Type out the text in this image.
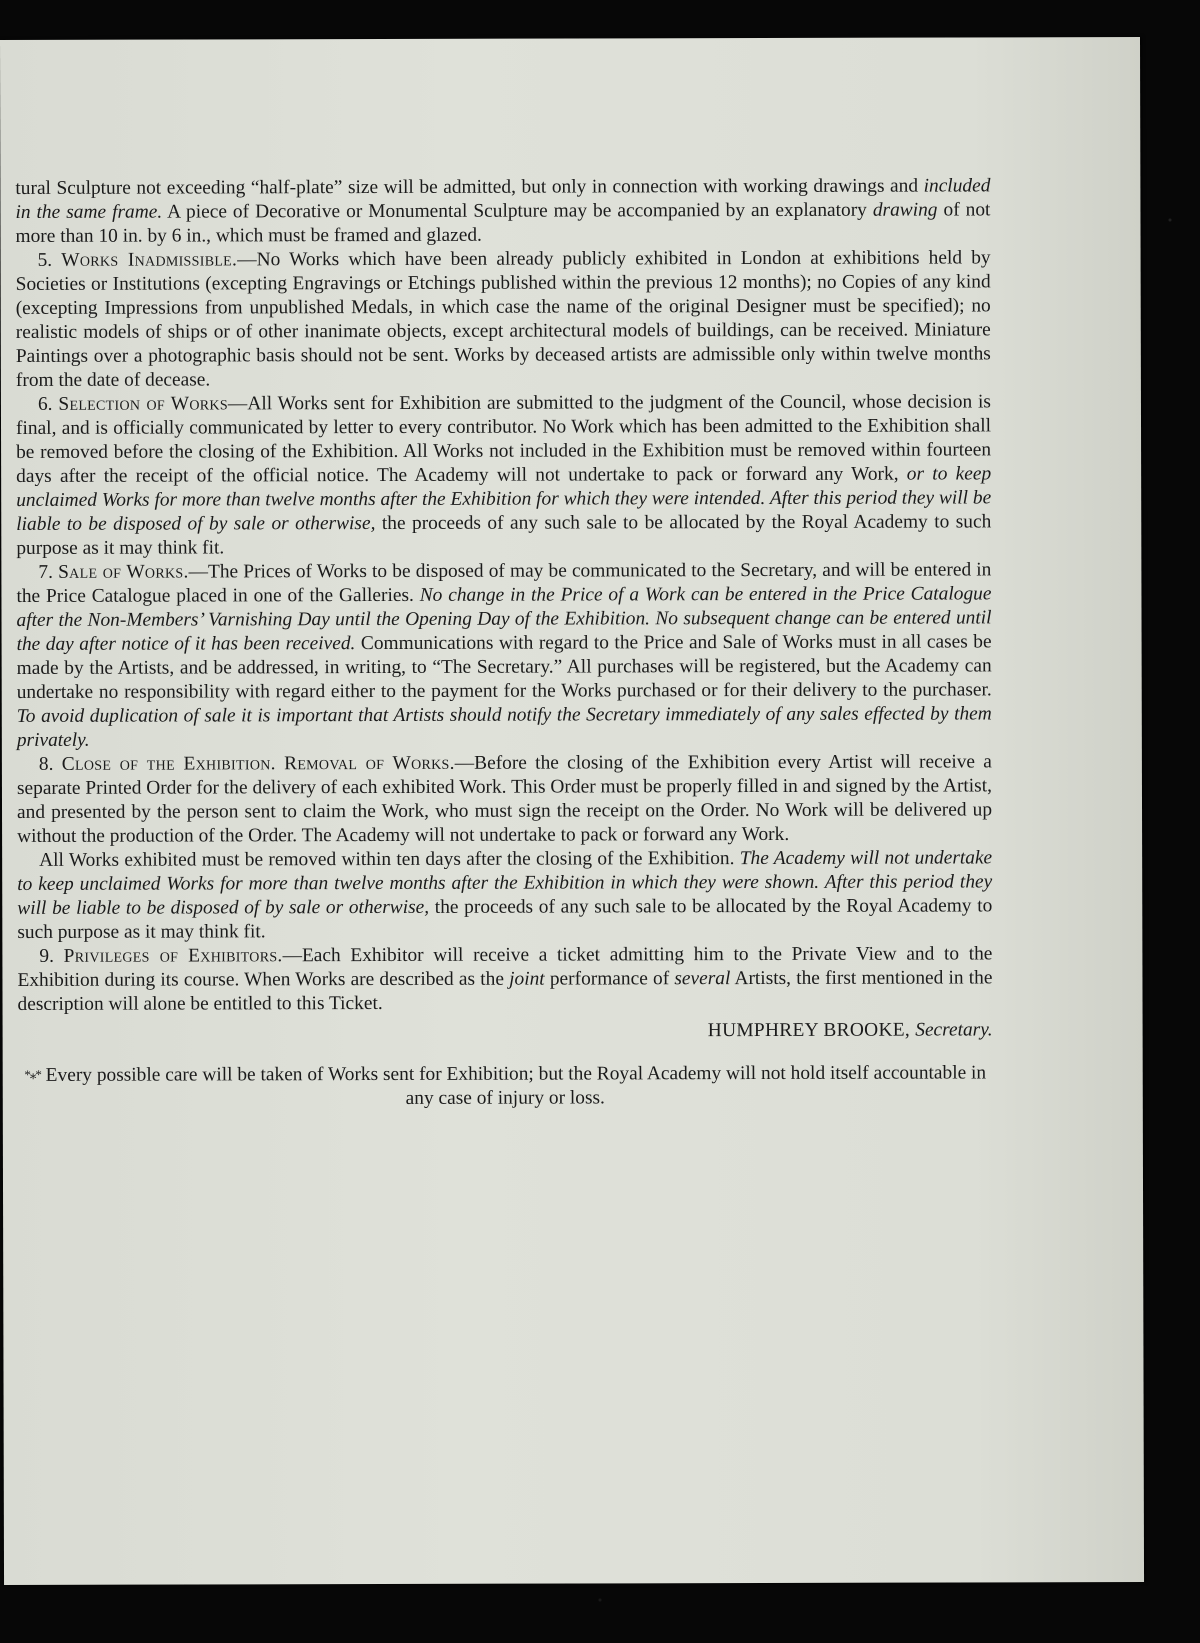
tural Sculpture not exceeding “half-plate” size will be admitted, but only in connection with working drawings and included in the same frame. A piece of Decorative or Monumental Sculpture may be accompanied by an explanatory drawing of not more than 10 in. by 6 in., which must be framed and glazed.

5. Works Inadmissible.—No Works which have been already publicly exhibited in London at exhibitions held by Societies or Institutions (excepting Engravings or Etchings published within the previous 12 months); no Copies of any kind (excepting Impressions from unpublished Medals, in which case the name of the original Designer must be specified); no realistic models of ships or of other inanimate objects, except architectural models of buildings, can be received. Miniature Paintings over a photographic basis should not be sent. Works by deceased artists are admissible only within twelve months from the date of decease.

6. Selection of Works—All Works sent for Exhibition are submitted to the judgment of the Council, whose decision is final, and is officially communicated by letter to every contributor. No Work which has been admitted to the Exhibition shall be removed before the closing of the Exhibition. All Works not included in the Exhibition must be removed within fourteen days after the receipt of the official notice. The Academy will not undertake to pack or forward any Work, or to keep unclaimed Works for more than twelve months after the Exhibition for which they were intended. After this period they will be liable to be disposed of by sale or otherwise, the proceeds of any such sale to be allocated by the Royal Academy to such purpose as it may think fit.

7. Sale of Works.—The Prices of Works to be disposed of may be communicated to the Secretary, and will be entered in the Price Catalogue placed in one of the Galleries. No change in the Price of a Work can be entered in the Price Catalogue after the Non-Members’ Varnishing Day until the Opening Day of the Exhibition. No subsequent change can be entered until the day after notice of it has been received. Communications with regard to the Price and Sale of Works must in all cases be made by the Artists, and be addressed, in writing, to “The Secretary.” All purchases will be registered, but the Academy can undertake no responsibility with regard either to the payment for the Works purchased or for their delivery to the purchaser. To avoid duplication of sale it is important that Artists should notify the Secretary immediately of any sales effected by them privately.

8. Close of the Exhibition. Removal of Works.—Before the closing of the Exhibition every Artist will receive a separate Printed Order for the delivery of each exhibited Work. This Order must be properly filled in and signed by the Artist, and presented by the person sent to claim the Work, who must sign the receipt on the Order. No Work will be delivered up without the production of the Order. The Academy will not undertake to pack or forward any Work.

All Works exhibited must be removed within ten days after the closing of the Exhibition. The Academy will not undertake to keep unclaimed Works for more than twelve months after the Exhibition in which they were shown. After this period they will be liable to be disposed of by sale or otherwise, the proceeds of any such sale to be allocated by the Royal Academy to such purpose as it may think fit.

9. Privileges of Exhibitors.—Each Exhibitor will receive a ticket admitting him to the Private View and to the Exhibition during its course. When Works are described as the joint performance of several Artists, the first mentioned in the description will alone be entitled to this Ticket.

HUMPHREY BROOKE, Secretary.

*⁎* Every possible care will be taken of Works sent for Exhibition; but the Royal Academy will not hold itself accountable in any case of injury or loss.
